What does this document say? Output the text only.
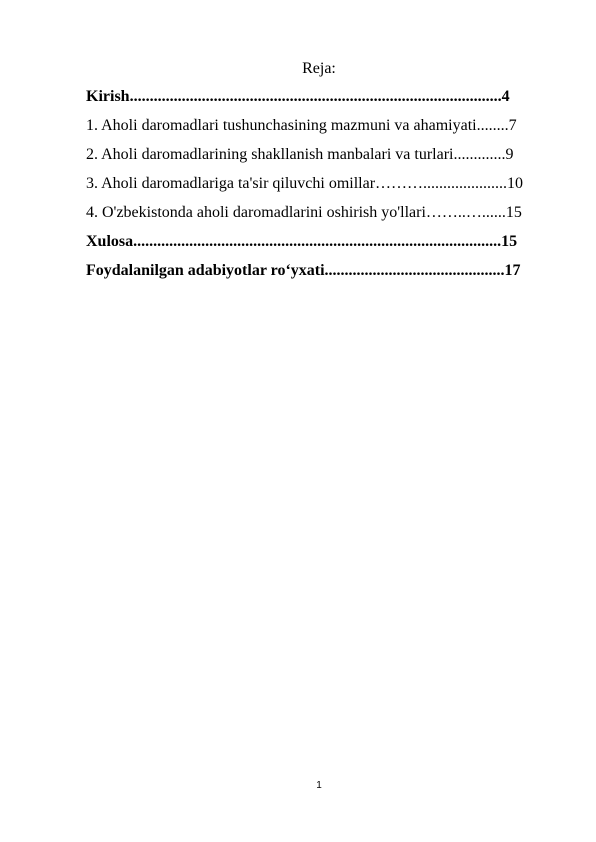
Reja:
Kirish.............................................................................................4
1. Aholi daromadlari tushunchasining mazmuni va ahamiyati........7
2. Aholi daromadlarining shakllanish manbalari va turlari.............9
3. Aholi daromadlariga ta'sir qiluvchi omillar……….....................10
4. O'zbekistonda aholi daromadlarini oshirish yo'llari……..…......15
Xulosa............................................................................................15
Foydalanilgan adabiyotlar ro‘yxati.............................................17
1
